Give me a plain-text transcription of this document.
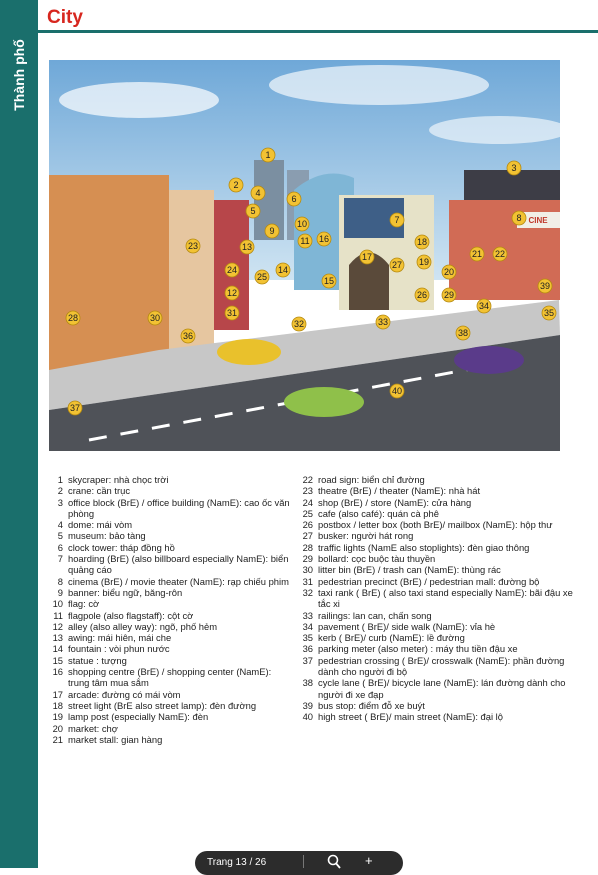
Thành phố
City
CINE
1
2
3
4
5
6
7	8
9
10
11
12
13
14
15
16
17
18
19
20
21 22
23
24
25
26
27
28
29
30	31
32	33
34
35
36
37
38
39
40
1 skycraper: nhà chọc trời
2 crane: cần trục
3 office block (BrE) / office building (NamE): cao ốc văn phòng
4 dome: mái vòm
5 museum: bảo tàng
6 clock tower: tháp đồng hồ
7 hoarding (BrE) (also billboard especially NamE): biển quảng cáo
8 cinema (BrE) / movie theater (NamE): rạp chiếu phim
9 banner: biểu ngữ, băng-rôn
10 flag: cờ
11 flagpole (also flagstaff): cột cờ
12 alley (also alley way): ngõ, phố hẻm
13 awing: mái hiên, mái che
14 fountain : vòi phun nước
15 statue : tượng
16 shopping centre (BrE) / shopping center (NamE): trung tâm mua sắm
17 arcade: đường có mái vòm
18 street light (BrE also street lamp): đèn đường
19 lamp post (especially NamE): đèn
20 market: chợ
21 market stall: gian hàng
22 road sign: biển chỉ đường
23 theatre (BrE) / theater (NamE): nhà hát
24 shop (BrE) / store (NamE): cửa hàng
25 cafe (also café): quán cà phê
26 postbox / letter box (both BrE)/ mailbox (NamE): hộp thư
27 busker: người hát rong
28 traffic lights (NamE also stoplights): đèn giao thông
29 bollard: cọc buộc tàu thuyền
30 litter bin (BrE) / trash can (NamE): thùng rác
31 pedestrian precinct (BrE) / pedestrian mall: đường bộ
32 taxi rank ( BrE) ( also taxi stand especially NamE): bãi đậu xe tắc xi
33 railings: lan can, chấn song
34 pavement ( BrE)/ side walk (NamE): vỉa hè
35 kerb ( BrE)/ curb (NamE): lề đường
36 parking meter (also meter) : máy thu tiền đậu xe
37 pedestrian crossing ( BrE)/ crosswalk (NamE): phần đường dành cho người đi bộ
38 cycle lane ( BrE)/ bicycle lane (NamE): lán đường dành cho người đi xe đạp
39 bus stop: điểm đỗ xe buýt
40 high street ( BrE)/ main street (NamE): đại lộ
Trang 13 / 26	+
